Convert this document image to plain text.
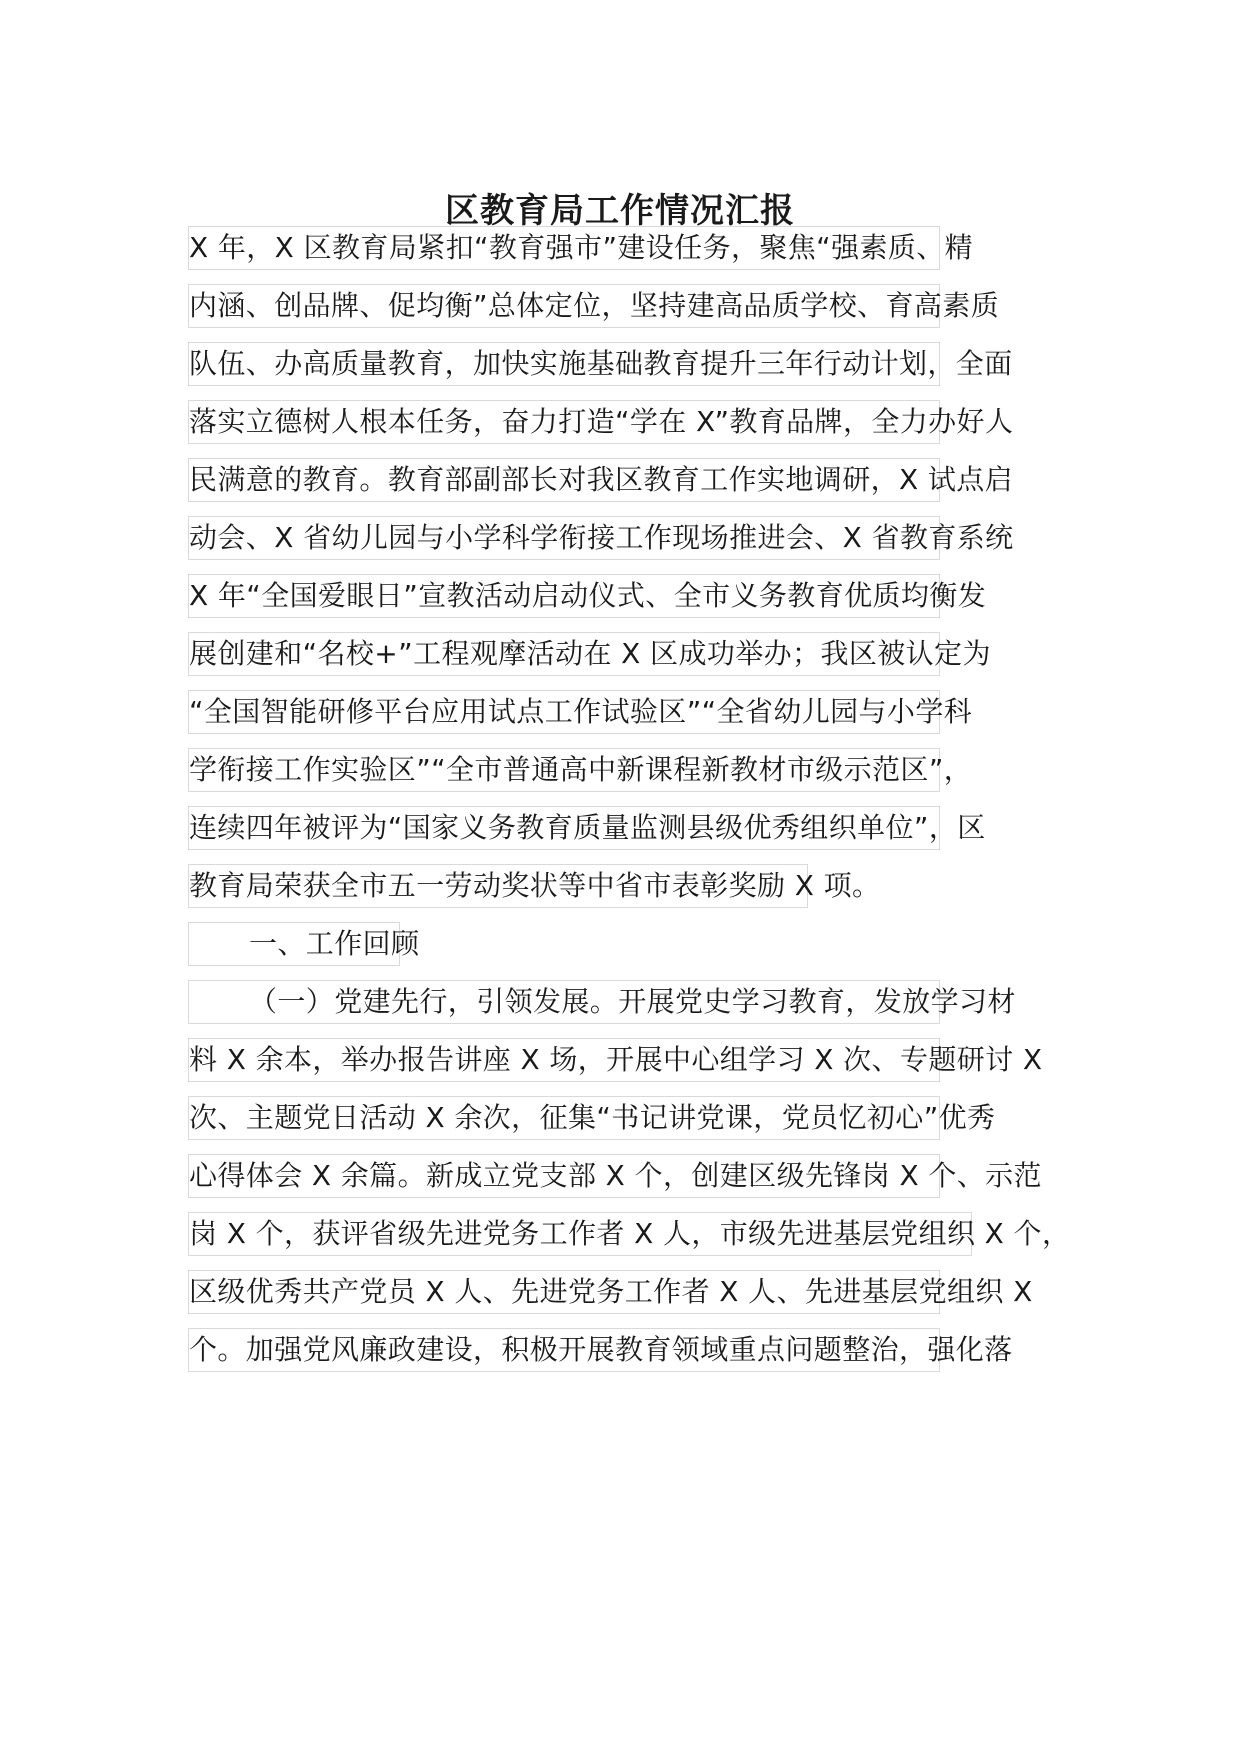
区教育局工作情况汇报
X 年，X 区教育局紧扣“教育强市”建设任务，聚焦“强素质、精
内涵、创品牌、促均衡”总体定位，坚持建高品质学校、育高素质
队伍、办高质量教育，加快实施基础教育提升三年行动计划，全面
落实立德树人根本任务，奋力打造“学在 X”教育品牌，全力办好人
民满意的教育。教育部副部长对我区教育工作实地调研，X 试点启
动会、X 省幼儿园与小学科学衔接工作现场推进会、X 省教育系统
X 年“全国爱眼日”宣教活动启动仪式、全市义务教育优质均衡发
展创建和“名校+”工程观摩活动在 X 区成功举办；我区被认定为
“全国智能研修平台应用试点工作试验区”“全省幼儿园与小学科
学衔接工作实验区”“全市普通高中新课程新教材市级示范区”，
连续四年被评为“国家义务教育质量监测县级优秀组织单位”，区
教育局荣获全市五一劳动奖状等中省市表彰奖励 X 项。
一、工作回顾
（一）党建先行，引领发展。开展党史学习教育，发放学习材
料 X 余本，举办报告讲座 X 场，开展中心组学习 X 次、专题研讨 X
次、主题党日活动 X 余次，征集“书记讲党课，党员忆初心”优秀
心得体会 X 余篇。新成立党支部 X 个，创建区级先锋岗 X 个、示范
岗 X 个，获评省级先进党务工作者 X 人，市级先进基层党组织 X 个，
区级优秀共产党员 X 人、先进党务工作者 X 人、先进基层党组织 X
个。加强党风廉政建设，积极开展教育领域重点问题整治，强化落
